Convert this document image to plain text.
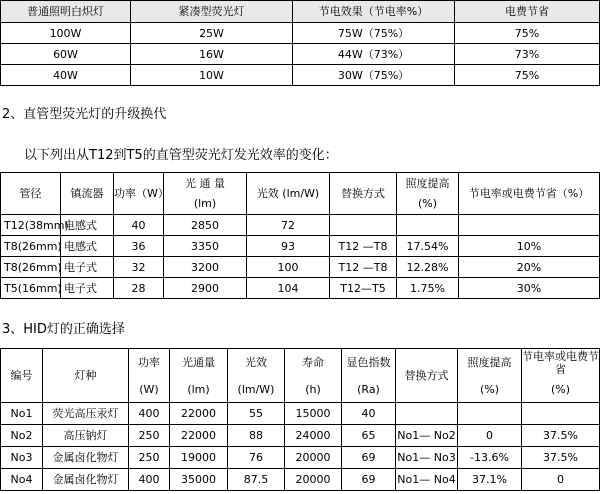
普通照明白炽灯	紧凑型荧光灯	节电效果（节电率%）	电费节省
100W	25W	75W（75%）	75%
60W	16W	44W（73%）	73%
40W	10W	30W（75%）	75%
2、直管型荧光灯的升级换代
以下列出从T12到T5的直管型荧光灯发光效率的变化：
管径	镇流器	功率（W）	光 通 量	光效 (lm/W)	替换方式	照度提高	节电率或电费节省（%）
			(lm)			(%)	
T12(38mm)	电感式	40	2850	72			
T8(26mm)	电感式	36	3350	93	T12 —T8	17.54%	10%
T8(26mm)	电子式	32	3200	100	T12 —T8	12.28%	20%
T5(16mm)	电子式	28	2900	104	T12—T5	1.75%	30%
3、HID灯的正确选择
编号	灯种	功率	光通量	光效	寿命	显色指数	替换方式	照度提高	节电率或电费节省
		(W)	(lm)	(lm/W)	(h)	(Ra)		(%)	(%)
No1	荧光高压汞灯	400	22000	55	15000	40			
No2	高压钠灯	250	22000	88	24000	65	No1— No2	0	37.5%
No3	金属卤化物灯	250	19000	76	20000	69	No1— No3	-13.6%	37.5%
No4	金属卤化物灯	400	35000	87.5	20000	69	No1— No4	37.1%	0
